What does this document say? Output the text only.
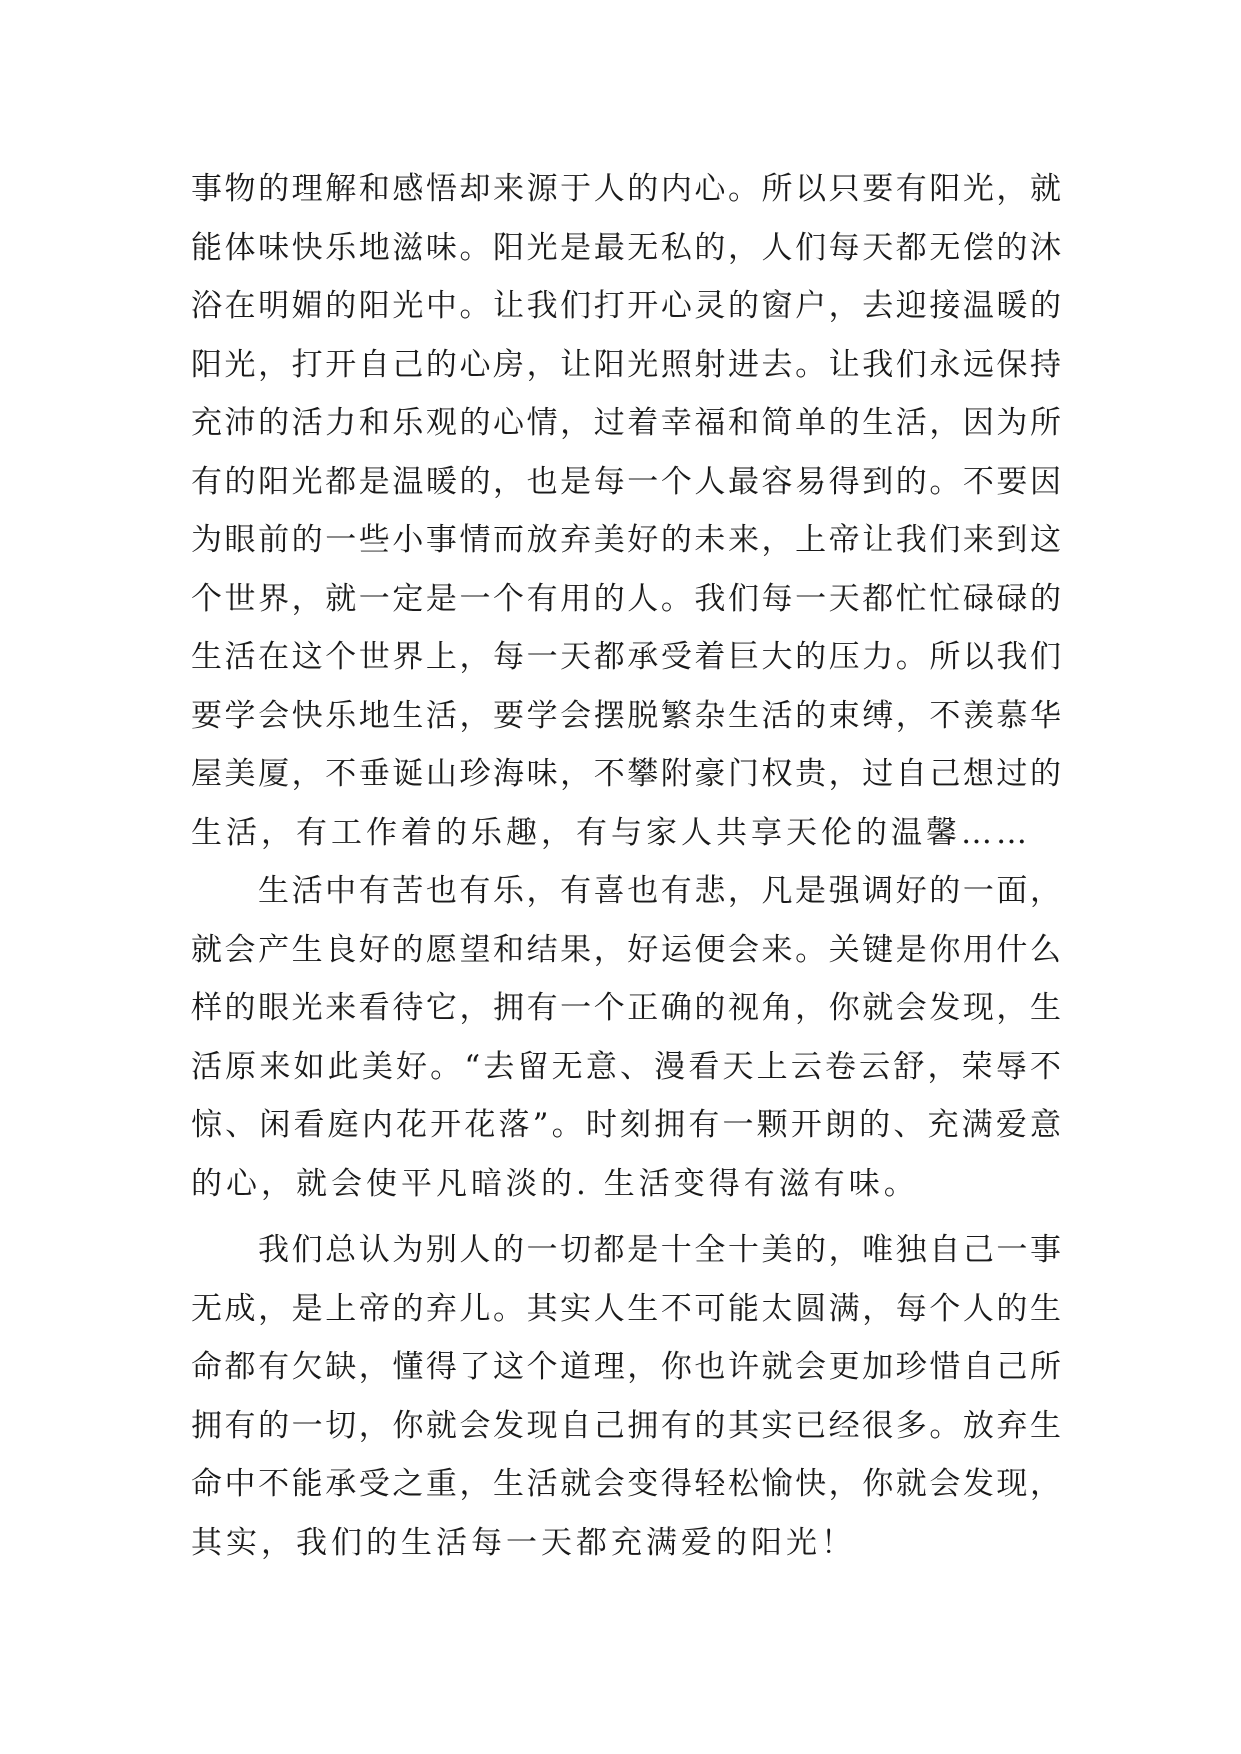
事物的理解和感悟却来源于人的内心。所以只要有阳光，就
能体味快乐地滋味。阳光是最无私的，人们每天都无偿的沐
浴在明媚的阳光中。让我们打开心灵的窗户，去迎接温暖的
阳光，打开自己的心房，让阳光照射进去。让我们永远保持
充沛的活力和乐观的心情，过着幸福和简单的生活，因为所
有的阳光都是温暖的，也是每一个人最容易得到的。不要因
为眼前的一些小事情而放弃美好的未来，上帝让我们来到这
个世界，就一定是一个有用的人。我们每一天都忙忙碌碌的
生活在这个世界上，每一天都承受着巨大的压力。所以我们
要学会快乐地生活，要学会摆脱繁杂生活的束缚，不羡慕华
屋美厦，不垂诞山珍海味，不攀附豪门权贵，过自己想过的
生活，有工作着的乐趣，有与家人共享天伦的温馨……
生活中有苦也有乐，有喜也有悲，凡是强调好的一面，
就会产生良好的愿望和结果，好运便会来。关键是你用什么
样的眼光来看待它，拥有一个正确的视角，你就会发现，生
活原来如此美好。“去留无意、漫看天上云卷云舒，荣辱不
惊、闲看庭内花开花落”。时刻拥有一颗开朗的、充满爱意
的心，就会使平凡暗淡的. 生活变得有滋有味。
我们总认为别人的一切都是十全十美的，唯独自己一事
无成，是上帝的弃儿。其实人生不可能太圆满，每个人的生
命都有欠缺，懂得了这个道理，你也许就会更加珍惜自己所
拥有的一切，你就会发现自己拥有的其实已经很多。放弃生
命中不能承受之重，生活就会变得轻松愉快，你就会发现，
其实，我们的生活每一天都充满爱的阳光！
